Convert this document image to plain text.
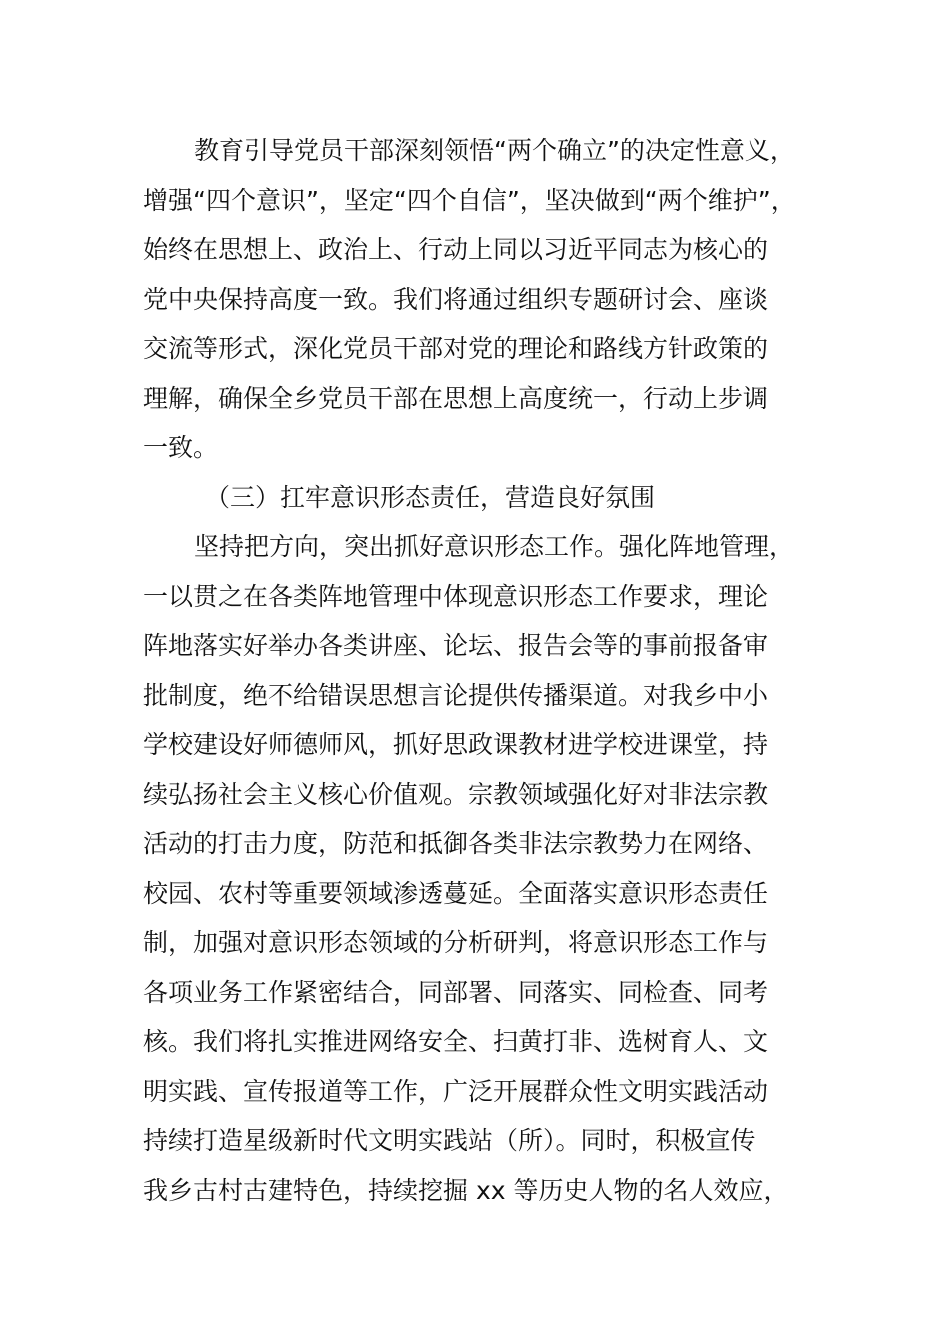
教育引导党员干部深刻领悟“两个确立”的决定性意义，
增强“四个意识”，坚定“四个自信”，坚决做到“两个维护”，
始终在思想上、政治上、行动上同以习近平同志为核心的
党中央保持高度一致。我们将通过组织专题研讨会、座谈
交流等形式，深化党员干部对党的理论和路线方针政策的
理解，确保全乡党员干部在思想上高度统一，行动上步调
一致。
（三）扛牢意识形态责任，营造良好氛围
坚持把方向，突出抓好意识形态工作。强化阵地管理，
一以贯之在各类阵地管理中体现意识形态工作要求，理论
阵地落实好举办各类讲座、论坛、报告会等的事前报备审
批制度，绝不给错误思想言论提供传播渠道。对我乡中小
学校建设好师德师风，抓好思政课教材进学校进课堂，持
续弘扬社会主义核心价值观。宗教领域强化好对非法宗教
活动的打击力度，防范和抵御各类非法宗教势力在网络、
校园、农村等重要领域渗透蔓延。全面落实意识形态责任
制，加强对意识形态领域的分析研判，将意识形态工作与
各项业务工作紧密结合，同部署、同落实、同检查、同考
核。我们将扎实推进网络安全、扫黄打非、选树育人、文
明实践、宣传报道等工作，广泛开展群众性文明实践活动
持续打造星级新时代文明实践站（所）。同时，积极宣传
我乡古村古建特色，持续挖掘 xx 等历史人物的名人效应，
